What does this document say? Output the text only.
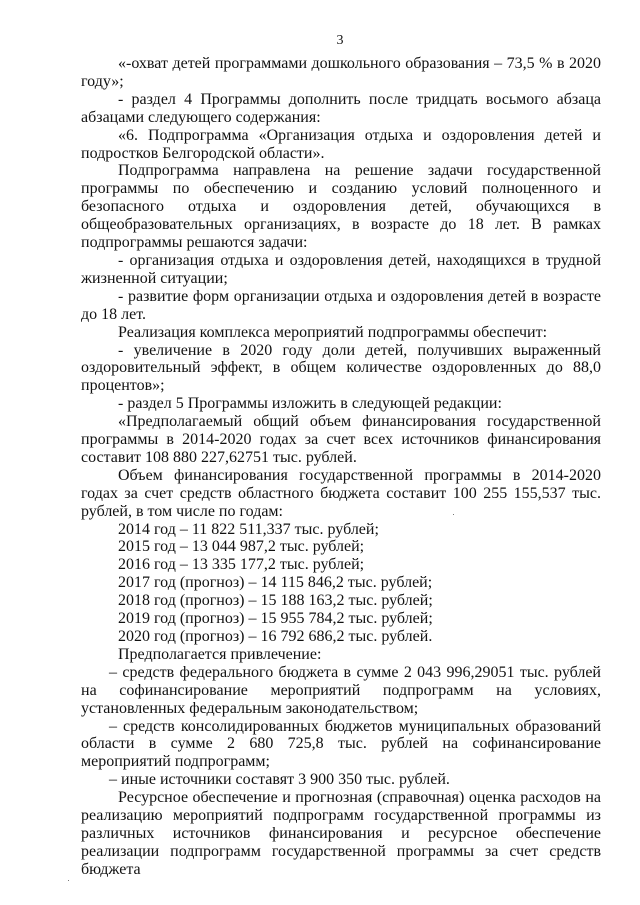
3

«-охват детей программами дошкольного образования – 73,5 % в 2020 году»;

- раздел 4 Программы дополнить после тридцать восьмого абзаца абзацами следующего содержания:

«6. Подпрограмма «Организация отдыха и оздоровления детей и подростков Белгородской области».

Подпрограмма направлена на решение задачи государственной программы по обеспечению и созданию условий полноценного и безопасного отдыха и оздоровления детей, обучающихся в общеобразовательных организациях, в возрасте до 18 лет. В рамках подпрограммы решаются задачи:

- организация отдыха и оздоровления детей, находящихся в трудной жизненной ситуации;

- развитие форм организации отдыха и оздоровления детей в возрасте до 18 лет.

Реализация комплекса мероприятий подпрограммы обеспечит:

- увеличение в 2020 году доли детей, получивших выраженный оздоровительный эффект, в общем количестве оздоровленных до 88,0 процентов»;

- раздел 5 Программы изложить в следующей редакции:

«Предполагаемый общий объем финансирования государственной программы в 2014-2020 годах за счет всех источников финансирования составит 108 880 227,62751 тыс. рублей.

Объем финансирования государственной программы в 2014-2020 годах за счет средств областного бюджета составит 100 255 155,537 тыс. рублей, в том числе по годам:

2014 год – 11 822 511,337 тыс. рублей;

2015 год – 13 044 987,2 тыс. рублей;

2016 год – 13 335 177,2 тыс. рублей;

2017 год (прогноз) – 14 115 846,2 тыс. рублей;

2018 год (прогноз) – 15 188 163,2 тыс. рублей;

2019 год (прогноз) – 15 955 784,2 тыс. рублей;

2020 год (прогноз) – 16 792 686,2 тыс. рублей.

Предполагается привлечение:

– средств федерального бюджета в сумме 2 043 996,29051 тыс. рублей на софинансирование мероприятий подпрограмм на условиях, установленных федеральным законодательством;

– средств консолидированных бюджетов муниципальных образований области в сумме 2 680 725,8 тыс. рублей на софинансирование мероприятий подпрограмм;

– иные источники составят 3 900 350 тыс. рублей.

Ресурсное обеспечение и прогнозная (справочная) оценка расходов на реализацию мероприятий подпрограмм государственной программы из различных источников финансирования и ресурсное обеспечение реализации подпрограмм государственной программы за счет средств бюджета
